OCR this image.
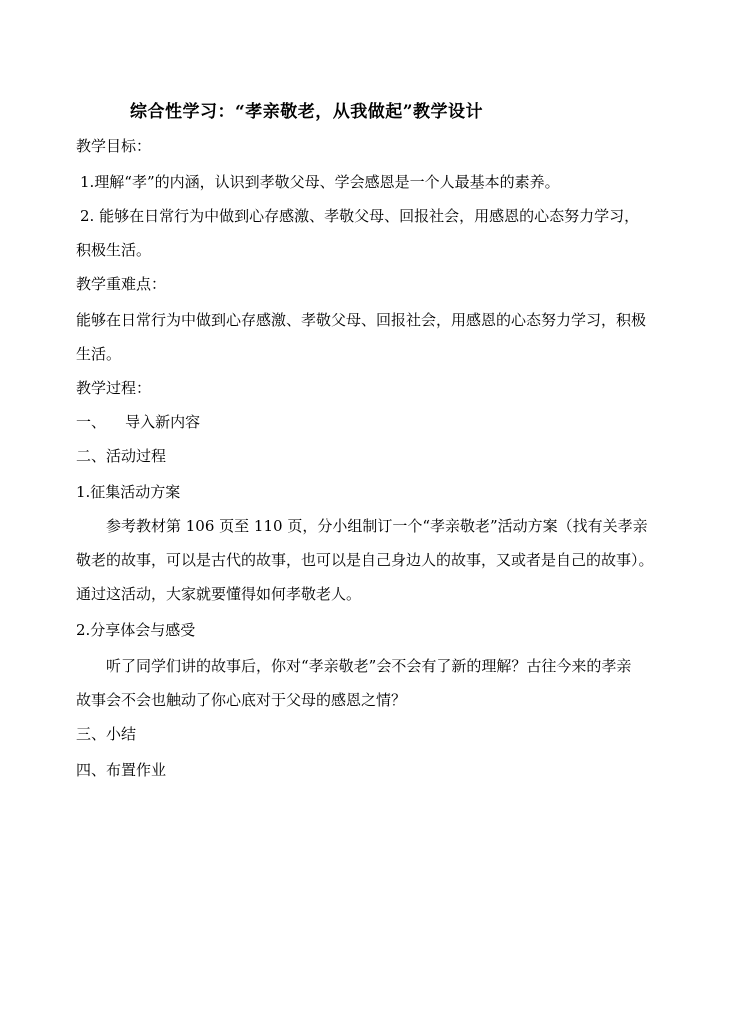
综合性学习：“孝亲敬老，从我做起”教学设计
教学目标：
1.理解“孝”的内涵，认识到孝敬父母、学会感恩是一个人最基本的素养。
2. 能够在日常行为中做到心存感激、孝敬父母、回报社会，用感恩的心态努力学习，
积极生活。
教学重难点：
能够在日常行为中做到心存感激、孝敬父母、回报社会，用感恩的心态努力学习，积极
生活。
教学过程：
一、    导入新内容
二、活动过程
1.征集活动方案
参考教材第 106 页至 110 页，分小组制订一个“孝亲敬老”活动方案（找有关孝亲
敬老的故事，可以是古代的故事，也可以是自己身边人的故事，又或者是自己的故事）。
通过这活动，大家就要懂得如何孝敬老人。
2.分享体会与感受
听了同学们讲的故事后，你对“孝亲敬老”会不会有了新的理解？古往今来的孝亲
故事会不会也触动了你心底对于父母的感恩之情？
三、小结
四、布置作业
